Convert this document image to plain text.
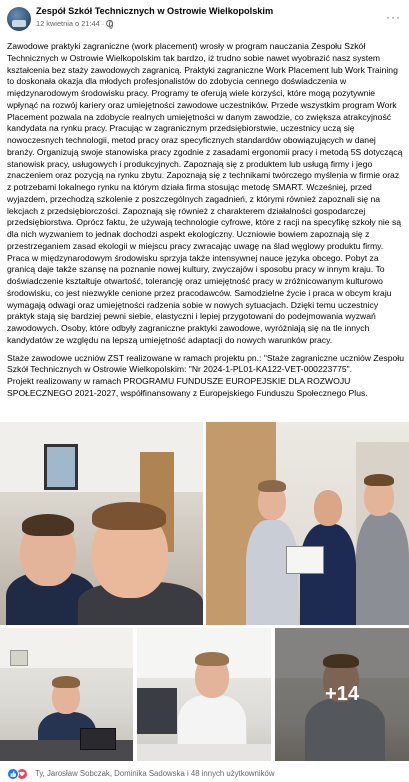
Zespół Szkół Technicznych w Ostrowie Wielkopolskim
12 kwietnia o 21:44 ·	···

Zawodowe praktyki zagraniczne (work placement) wrosły w program nauczania Zespołu Szkół Technicznych w Ostrowie Wielkopolskim tak bardzo, iż trudno sobie nawet wyobrazić nasz system kształcenia bez staży zawodowych zagranicą. Praktyki zagraniczne Work Placement lub Work Training to doskonała okazja dla młodych profesjonalistów do zdobycia cennego doświadczenia w międzynarodowym środowisku pracy. Programy te oferują wiele korzyści, które mogą pozytywnie wpłynąć na rozwój kariery oraz umiejętności zawodowe uczestników. Przede wszystkim program Work Placement pozwala na zdobycie realnych umiejętności w danym zawodzie, co zwiększa atrakcyjność kandydata na rynku pracy. Pracując w zagranicznym przedsiębiorstwie, uczestnicy uczą się nowoczesnych technologii, metod pracy oraz specyficznych standardów obowiązujących w danej branży. Organizują swoje stanowiska pracy zgodnie z zasadami ergonomii pracy i metodą 5S dotyczącą stanowisk pracy, usługowych i produkcyjnych. Zapoznają się z produktem lub usługą firmy i jego znaczeniem oraz pozycją na rynku zbytu. Zapoznają się z technikami twórczego myślenia w firmie oraz z potrzebami lokalnego rynku na którym działa firma stosując metodę SMART. Wcześniej, przed wyjazdem, przechodzą szkolenie z poszczególnych zagadnień, z którymi również zapoznali się na lekcjach z przedsiębiorczości. Zapoznają się również z charakterem działalności gospodarczej przedsiębiorstwa. Oprócz faktu, że używają technologie cyfrowe, które z racji na specyfikę szkoły nie są dla nich wyzwaniem to jednak dochodzi aspekt ekologiczny. Uczniowie bowiem zapoznają się z przestrzeganiem zasad ekologii w miejscu pracy zwracając uwagę na ślad węglowy produktu firmy. Praca w międzynarodowym środowisku sprzyja także intensywnej nauce języka obcego. Pobyt za granicą daje także szansę na poznanie nowej kultury, zwyczajów i sposobu pracy w innym kraju. To doświadczenie kształtuje otwartość, tolerancję oraz umiejętność pracy w zróżnicowanym kulturowo środowisku, co jest niezwykle cenione przez pracodawców. Samodzielne życie i praca w obcym kraju wymagają odwagi oraz umiejętności radzenia sobie w nowych sytuacjach. Dzięki temu uczestnicy praktyk stają się bardziej pewni siebie, elastyczni i lepiej przygotowani do podejmowania wyzwań zawodowych. Osoby, które odbyły zagraniczne praktyki zawodowe, wyróżniają się na tle innych kandydatów ze względu na lepszą umiejętność adaptacji do nowych warunków pracy.

Staże zawodowe uczniów ZST realizowane w ramach projektu pn.: "Staże zagraniczne uczniów Zespołu Szkół Technicznych w Ostrowie Wielkopolskim: "Nr 2024-1-PL01-KA122-VET-000223775".
Projekt realizowany w ramach PROGRAMU FUNDUSZE EUROPEJSKIE DLA ROZWOJU SPOŁECZNEGO 2021-2027, współfinansowany z Europejskiego Funduszu Społecznego Plus.

+14
Ty, Jarosław Sobczak, Dominika Sadowska i 48 innych użytkowników
